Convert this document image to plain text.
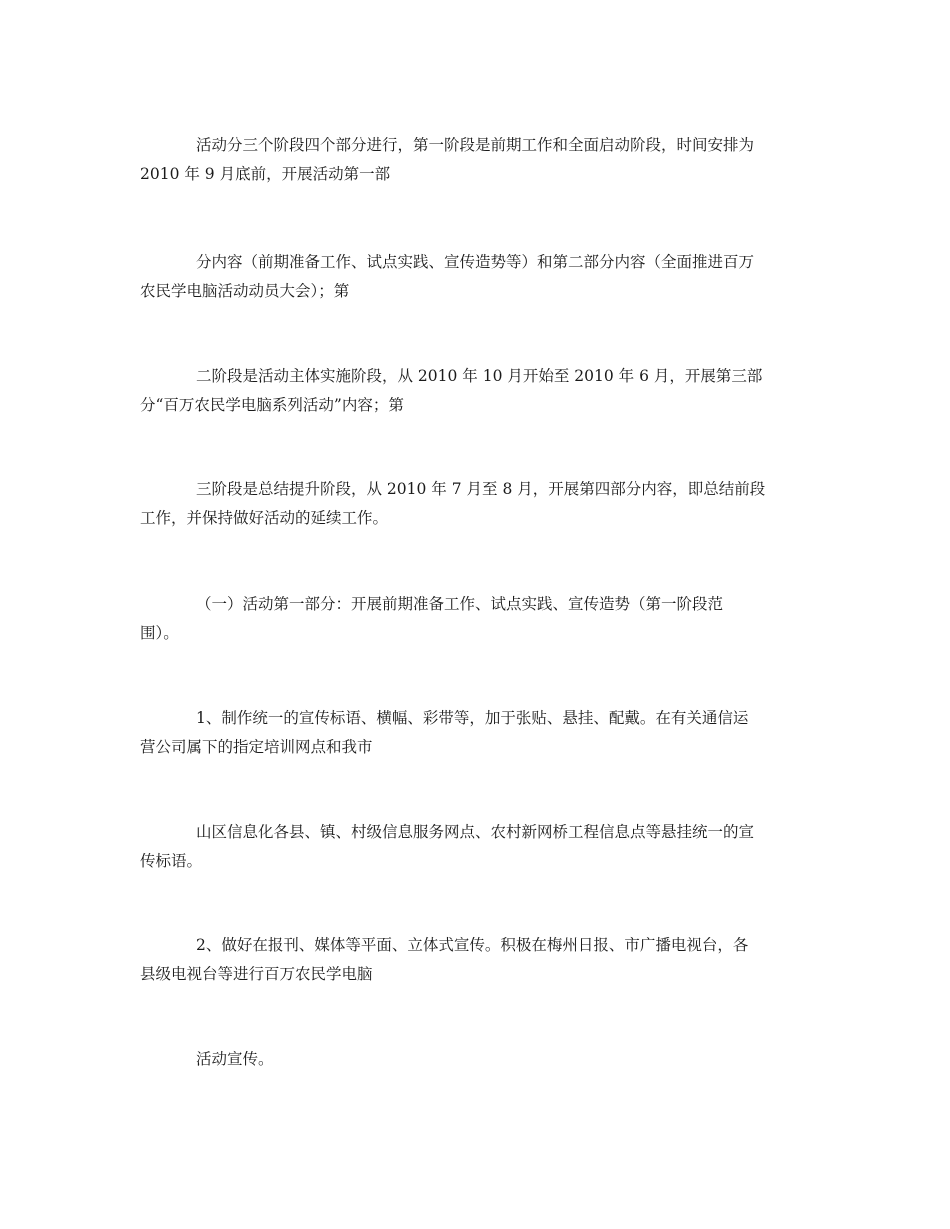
活动分三个阶段四个部分进行，第一阶段是前期工作和全面启动阶段，时间安排为
2010 年 9 月底前，开展活动第一部
分内容（前期准备工作、试点实践、宣传造势等）和第二部分内容（全面推进百万
农民学电脑活动动员大会）；第
二阶段是活动主体实施阶段，从 2010 年 10 月开始至 2010 年 6 月，开展第三部
分“百万农民学电脑系列活动”内容；第
三阶段是总结提升阶段，从 2010 年 7 月至 8 月，开展第四部分内容，即总结前段
工作，并保持做好活动的延续工作。
（一）活动第一部分：开展前期准备工作、试点实践、宣传造势（第一阶段范
围）。
1、制作统一的宣传标语、横幅、彩带等，加于张贴、悬挂、配戴。在有关通信运
营公司属下的指定培训网点和我市
山区信息化各县、镇、村级信息服务网点、农村新网桥工程信息点等悬挂统一的宣
传标语。
2、做好在报刊、媒体等平面、立体式宣传。积极在梅州日报、市广播电视台，各
县级电视台等进行百万农民学电脑
活动宣传。
